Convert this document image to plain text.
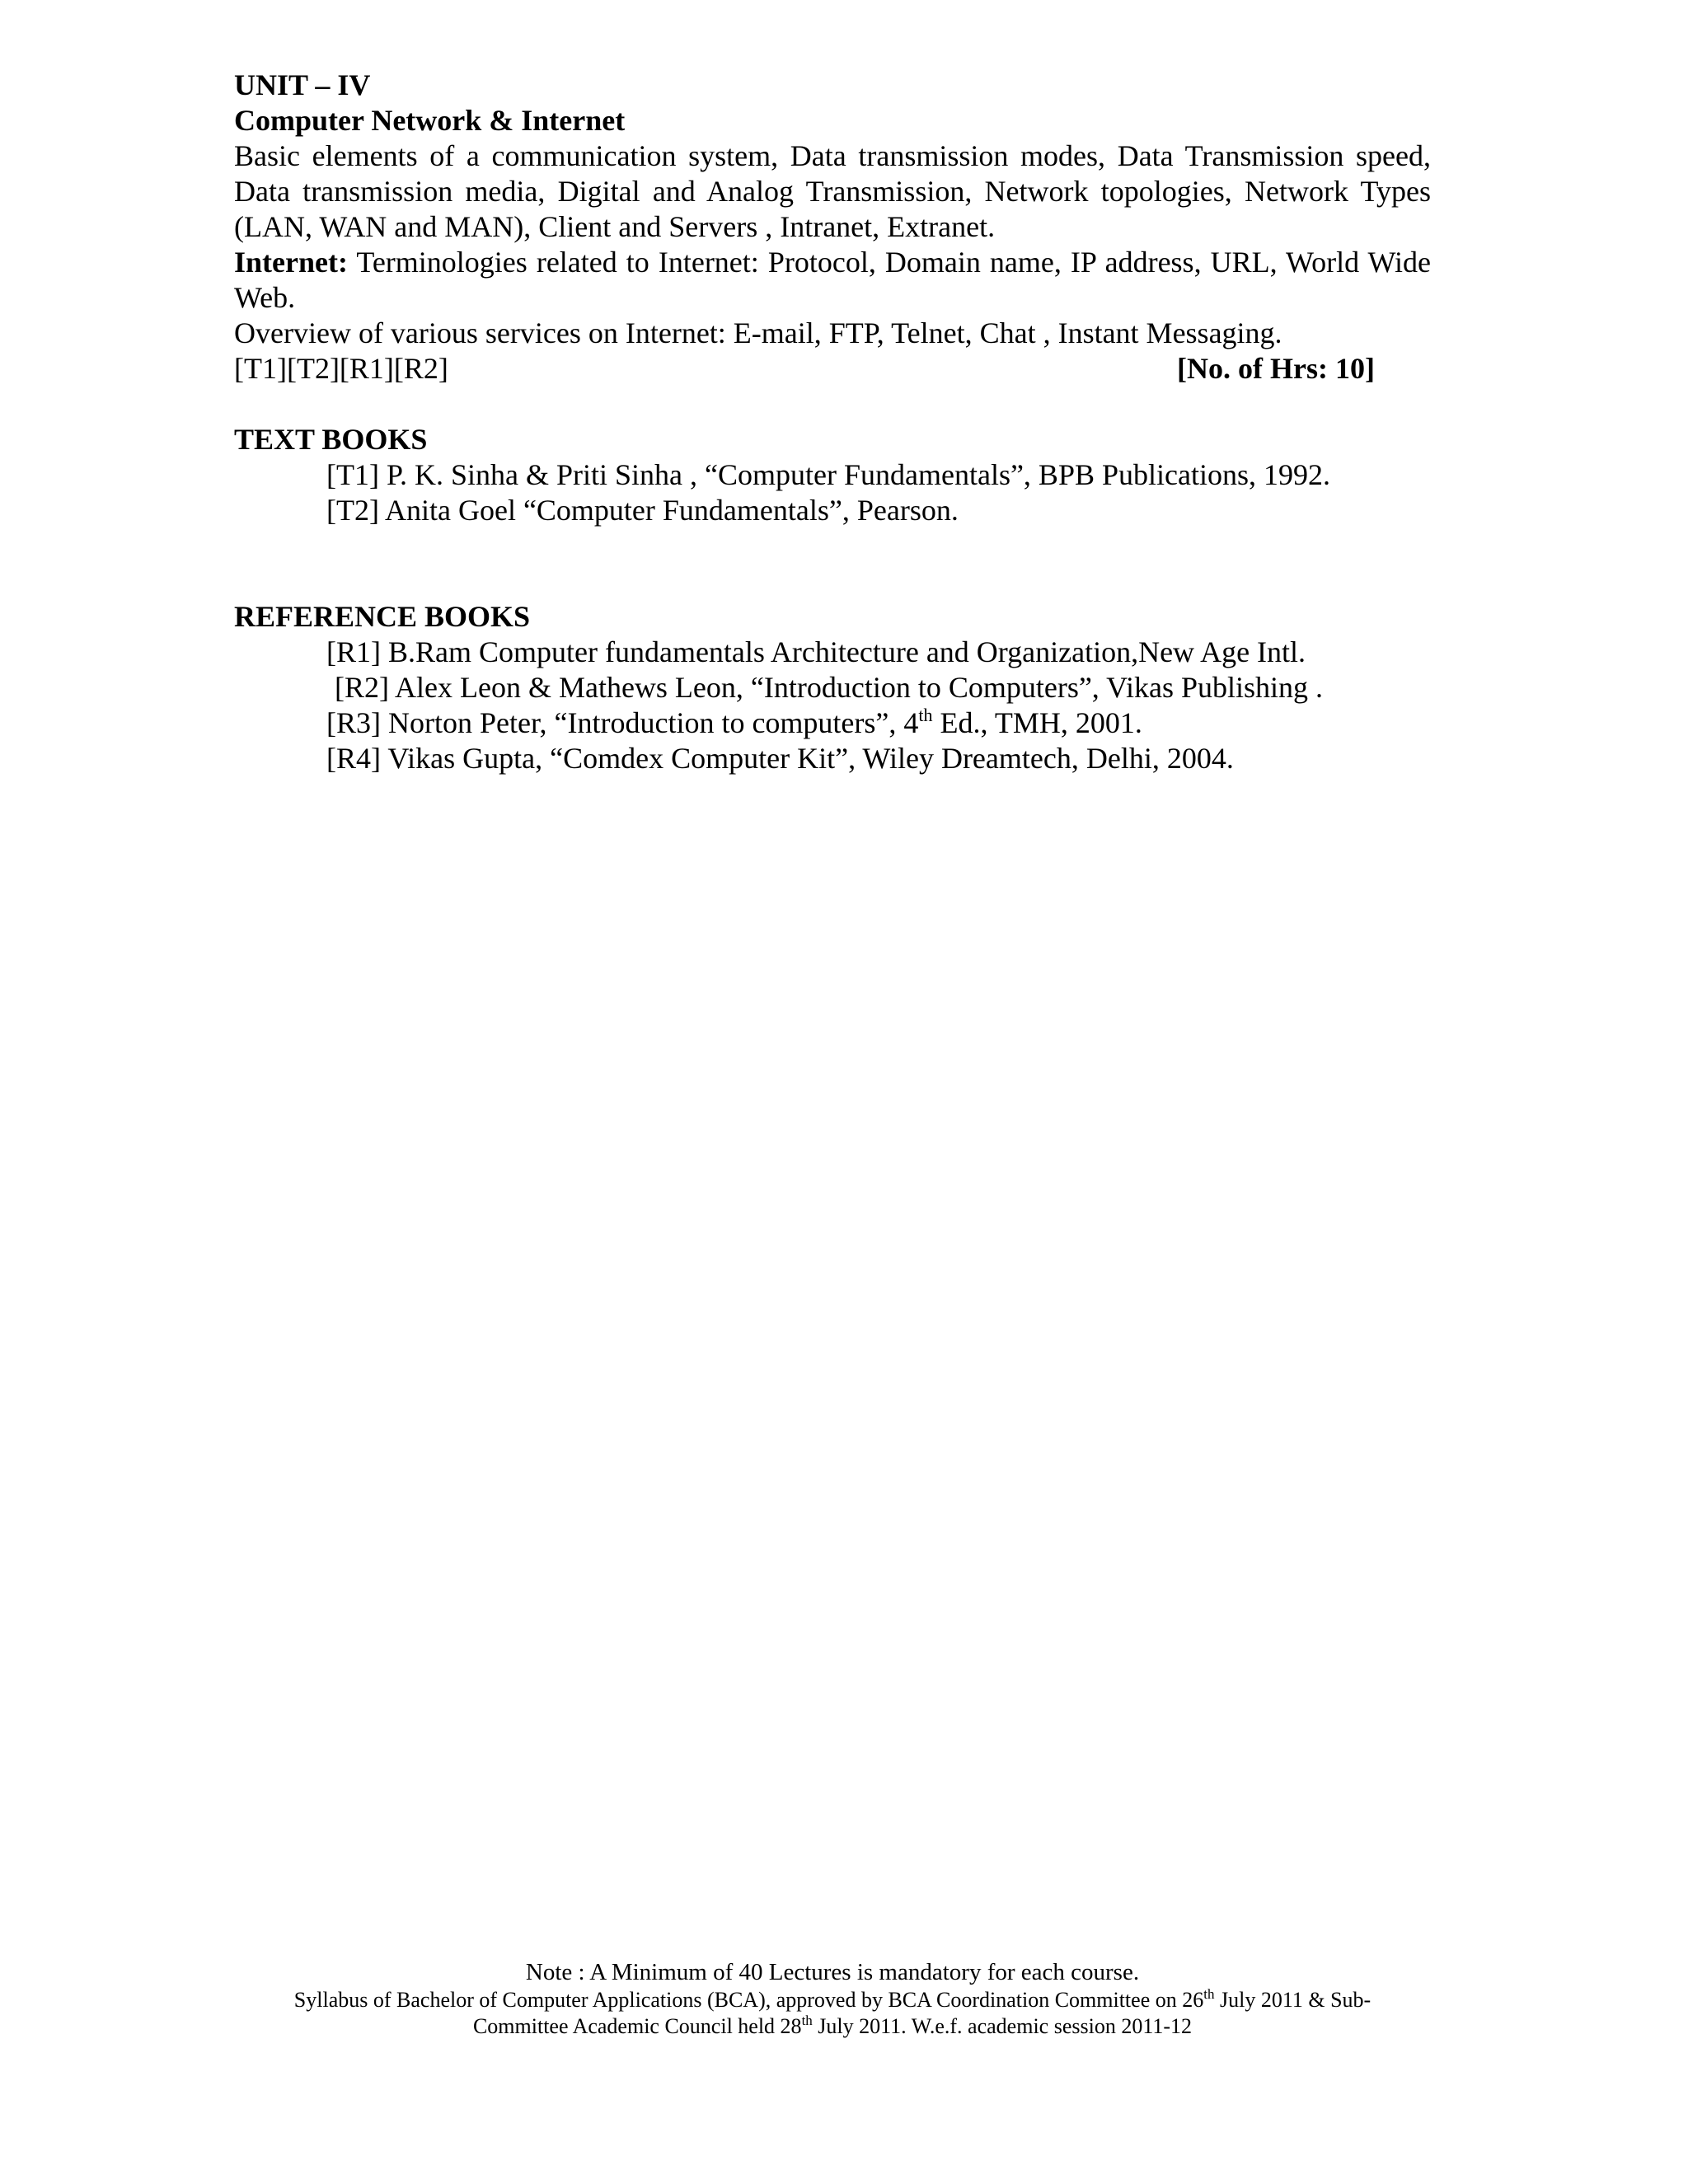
UNIT – IV
Computer Network & Internet
Basic elements of a communication system, Data transmission modes, Data Transmission speed, Data transmission media, Digital and Analog Transmission, Network topologies, Network Types (LAN, WAN and MAN), Client and Servers , Intranet, Extranet.
Internet: Terminologies related to Internet: Protocol, Domain name, IP address, URL, World Wide Web.
Overview of various services on Internet: E-mail, FTP, Telnet, Chat , Instant Messaging.
[T1][T2][R1][R2]	[No. of Hrs: 10]
TEXT BOOKS
[T1] P. K. Sinha & Priti Sinha , “Computer Fundamentals”, BPB Publications, 1992.
[T2] Anita Goel “Computer Fundamentals”, Pearson.
REFERENCE BOOKS
[R1] B.Ram Computer fundamentals Architecture and Organization,New Age Intl.
[R2] Alex Leon & Mathews Leon, “Introduction to Computers”, Vikas Publishing .
[R3] Norton Peter, “Introduction to computers”, 4th Ed., TMH, 2001.
[R4] Vikas Gupta, “Comdex Computer Kit”, Wiley Dreamtech, Delhi, 2004.
Note : A Minimum of 40 Lectures is mandatory for each course.
Syllabus of Bachelor of Computer Applications (BCA), approved by BCA Coordination Committee on 26th July 2011 & Sub-
Committee Academic Council held 28th July 2011. W.e.f. academic session 2011-12
